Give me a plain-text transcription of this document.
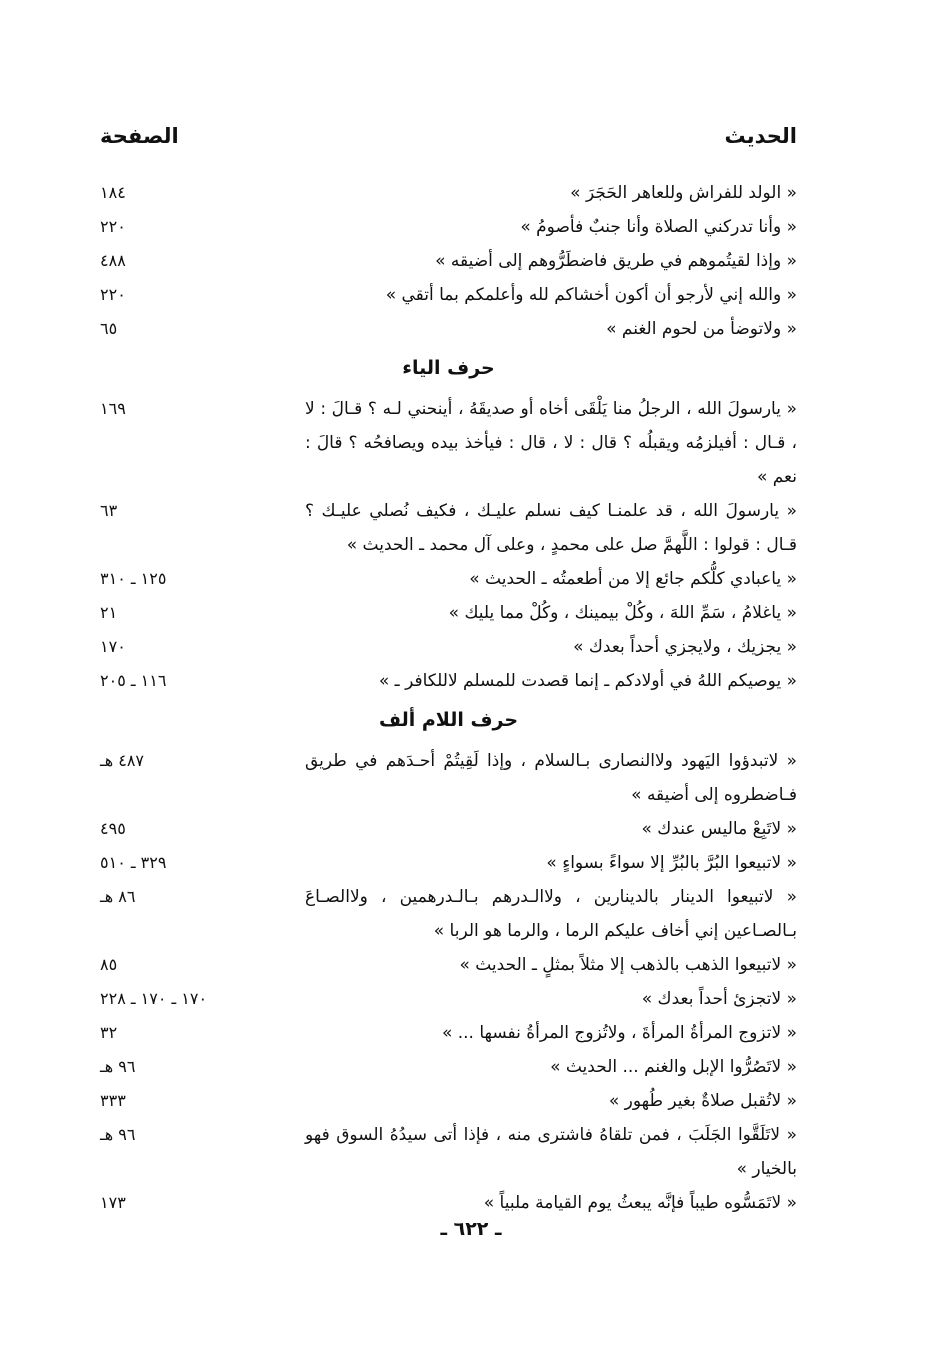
الحديث
الصفحة
« الولد للفراش وللعاهر الحَجَرَ »
١٨٤
« وأنا تدركني الصلاة وأنا جنبٌ فأصومُ »
٢٢٠
« وإذا لقيتُموهم في طريق فاضطَرُّوهم إلى أضيقه »
٤٨٨
« والله إني لأرجو أن أكون أخشاكم لله وأعلمكم بما أتقي »
٢٢٠
« ولاتوضأ من لحوم الغنم »
٦٥
حرف الياء
« يارسولَ الله ، الرجلُ منا يَلْقَى أخاه أو صديقَهُ ، أينحني لـه ؟ قـالَ : لا ، قـال : أفيلزمُه ويقبلُه ؟ قال : لا ، قال : فيأخذ بيده ويصافحُه ؟ قالَ : نعم »
١٦٩
« يارسولَ الله ، قد علمنـا كيف نسلم عليـك ، فكيف نُصلي عليـك ؟ قـال : قولوا : اللَّهمَّ صل على محمدٍ ، وعلى آل محمد ـ الحديث »
٦٣
« ياعبادي كلُّكم جائع إلا من أطعمتُه ـ الحديث »
١٢٥ ـ ٣١٠
« ياغلامُ ، سَمِّ اللهَ ، وكُلْ بيمينك ، وكُلْ مما يليك »
٢١
« يجزيك ، ولايجزي أحداً بعدك »
١٧٠
« يوصيكم اللهُ في أولادكم ـ إنما قصدت للمسلم لاللكافر ـ »
١١٦ ـ ٢٠٥
حرف اللام ألف
« لاتبدؤوا اليَهود ولاالنصارى بـالسلام ، وإذا لَقِيتُمْ أحـدَهم في طريق فـاضطروه إلى أضيقه »
٤٨٧ هـ
« لاتَبِعْ ماليس عندك »
٤٩٥
« لاتبيعوا البُرَّ بالبُرِّ إلا سواءً بسواءٍ »
٣٢٩ ـ ٥١٠
« لاتبيعوا الدينار بالدينارين ، ولاالـدرهم بـالـدرهمين ، ولاالصـاعَ بـالصـاعين إني أخاف عليكم الرما ، والرما هو الربا »
٨٦ هـ
« لاتبيعوا الذهب بالذهب إلا مثلاً بمثلٍ ـ الحديث »
٨٥
« لاتجزئ أحداً بعدك »
١٧٠ ـ ١٧٠ ـ ٢٢٨
« لاتزوج المرأةُ المرأةَ ، ولاتُزوج المرأةُ نفسها ... »
٣٢
« لاتَصُرُّوا الإبل والغنم ... الحديث »
٩٦ هـ
« لاتُقبل صلاةٌ بغير طُهور »
٣٣٣
« لاتَلَقَّوا الجَلَبَ ، فمن تلقاهُ فاشترى منه ، فإذا أتى سيدُهُ السوق فهو بالخيار »
٩٦ هـ
« لاتَمَسُّوه طيباً فإنَّه يبعثُ يوم القيامة ملبياً »
١٧٣
ـ ٦٢٢ ـ
